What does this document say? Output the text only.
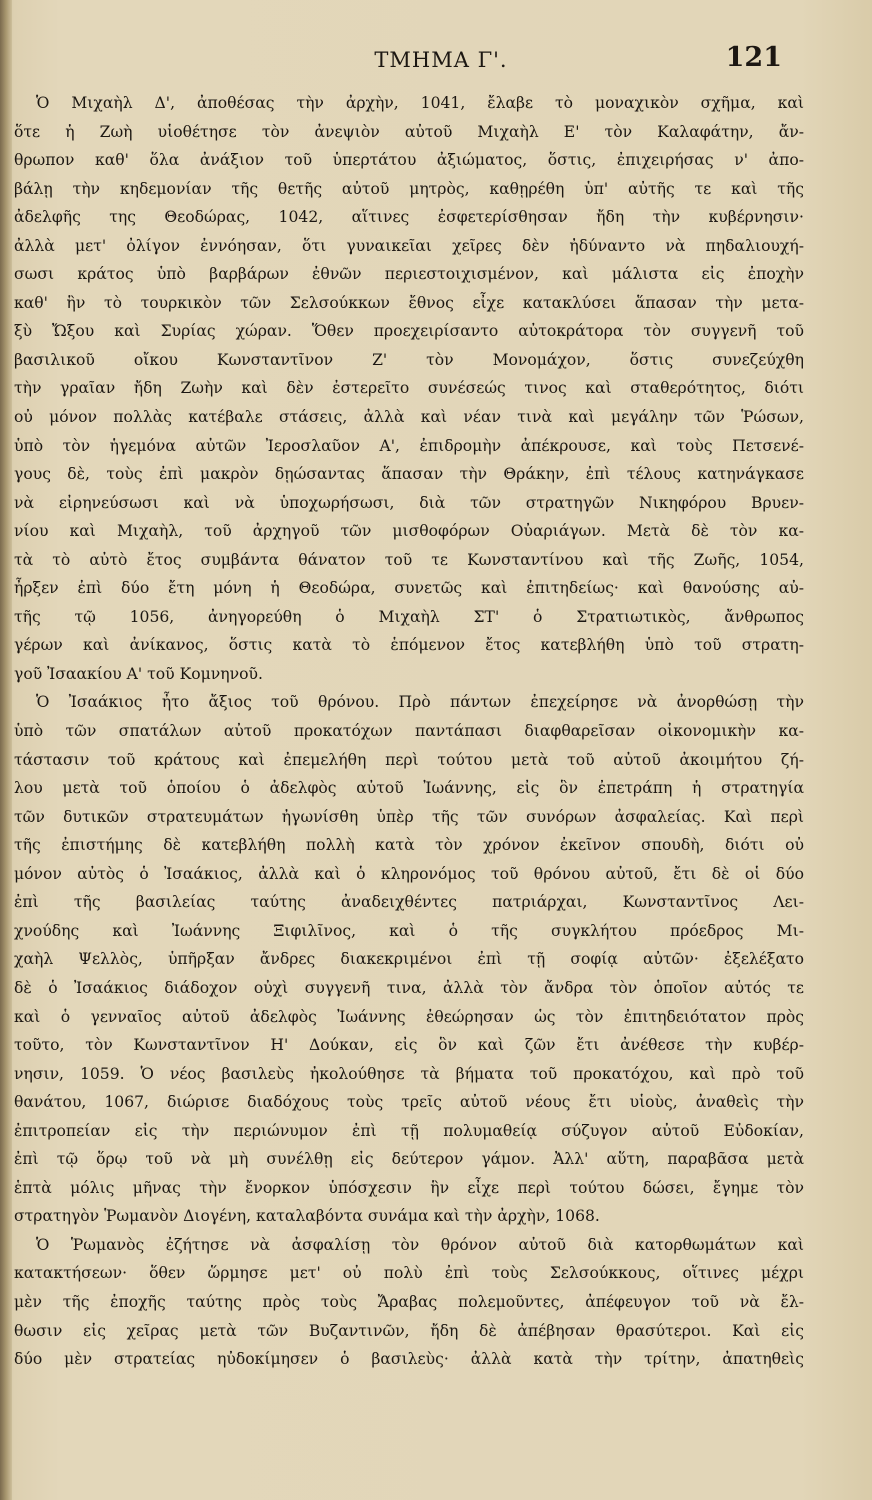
ΤΜΗΜΑ Γ'.	121
Ὁ Μιχαὴλ Δ', ἀποθέσας τὴν ἀρχὴν, 1041, ἔλαβε τὸ μοναχικὸν σχῆμα, καὶ
ὅτε ἡ Ζωὴ υἱοθέτησε τὸν ἀνεψιὸν αὐτοῦ Μιχαὴλ Ε' τὸν Καλαφάτην, ἄν-
θρωπον καθ' ὅλα ἀνάξιον τοῦ ὑπερτάτου ἀξιώματος, ὅστις, ἐπιχειρήσας ν' ἀπο-
βάλῃ τὴν κηδεμονίαν τῆς θετῆς αὐτοῦ μητρὸς, καθῃρέθη ὑπ' αὐτῆς τε καὶ τῆς
ἀδελφῆς της Θεοδώρας, 1042, αἵτινες ἐσφετερίσθησαν ἤδη τὴν κυβέρνησιν·
ἀλλὰ μετ' ὀλίγον ἐννόησαν, ὅτι γυναικεῖαι χεῖρες δὲν ἠδύναντο νὰ πηδαλιουχή-
σωσι κράτος ὑπὸ βαρβάρων ἐθνῶν περιεστοιχισμένον, καὶ μάλιστα εἰς ἐποχὴν
καθ' ἣν τὸ τουρκικὸν τῶν Σελσούκκων ἔθνος εἶχε κατακλύσει ἅπασαν τὴν μετα-
ξὺ Ὤξου καὶ Συρίας χώραν. Ὅθεν προεχειρίσαντο αὐτοκράτορα τὸν συγγενῆ τοῦ
βασιλικοῦ οἴκου Κωνσταντῖνον Ζ' τὸν Μονομάχον, ὅστις συνεζεύχθη
τὴν γραῖαν ἤδη Ζωὴν καὶ δὲν ἐστερεῖτο συνέσεώς τινος καὶ σταθερότητος, διότι
οὐ μόνον πολλὰς κατέβαλε στάσεις, ἀλλὰ καὶ νέαν τινὰ καὶ μεγάλην τῶν Ῥώσων,
ὑπὸ τὸν ἡγεμόνα αὐτῶν Ἰεροσλαῦον Α', ἐπιδρομὴν ἀπέκρουσε, καὶ τοὺς Πετσενέ-
γους δὲ, τοὺς ἐπὶ μακρὸν δῃώσαντας ἅπασαν τὴν Θράκην, ἐπὶ τέλους κατηνάγκασε
νὰ εἰρηνεύσωσι καὶ νὰ ὑποχωρήσωσι, διὰ τῶν στρατηγῶν Νικηφόρου Βρυεν-
νίου καὶ Μιχαὴλ, τοῦ ἀρχηγοῦ τῶν μισθοφόρων Οὐαριάγων. Μετὰ δὲ τὸν κα-
τὰ τὸ αὐτὸ ἔτος συμβάντα θάνατον τοῦ τε Κωνσταντίνου καὶ τῆς Ζωῆς, 1054,
ἦρξεν ἐπὶ δύο ἔτη μόνη ἡ Θεοδώρα, συνετῶς καὶ ἐπιτηδείως· καὶ θανούσης αὐ-
τῆς τῷ 1056, ἀνηγορεύθη ὁ Μιχαὴλ ΣΤ' ὁ Στρατιωτικὸς, ἄνθρωπος
γέρων καὶ ἀνίκανος, ὅστις κατὰ τὸ ἑπόμενον ἔτος κατεβλήθη ὑπὸ τοῦ στρατη-
γοῦ Ἰσαακίου Α' τοῦ Κομνηνοῦ.
Ὁ Ἰσαάκιος ἦτο ἄξιος τοῦ θρόνου. Πρὸ πάντων ἐπεχείρησε νὰ ἀνορθώσῃ τὴν
ὑπὸ τῶν σπατάλων αὐτοῦ προκατόχων παντάπασι διαφθαρεῖσαν οἰκονομικὴν κα-
τάστασιν τοῦ κράτους καὶ ἐπεμελήθη περὶ τούτου μετὰ τοῦ αὐτοῦ ἀκοιμήτου ζή-
λου μετὰ τοῦ ὁποίου ὁ ἀδελφὸς αὐτοῦ Ἰωάννης, εἰς ὃν ἐπετράπη ἡ στρατηγία
τῶν δυτικῶν στρατευμάτων ἠγωνίσθη ὑπὲρ τῆς τῶν συνόρων ἀσφαλείας. Καὶ περὶ
τῆς ἐπιστήμης δὲ κατεβλήθη πολλὴ κατὰ τὸν χρόνον ἐκεῖνον σπουδὴ, διότι οὐ
μόνον αὐτὸς ὁ Ἰσαάκιος, ἀλλὰ καὶ ὁ κληρονόμος τοῦ θρόνου αὐτοῦ, ἔτι δὲ οἱ δύο
ἐπὶ τῆς βασιλείας ταύτης ἀναδειχθέντες πατριάρχαι, Κωνσταντῖνος Λει-
χνούδης καὶ Ἰωάννης Ξιφιλῖνος, καὶ ὁ τῆς συγκλήτου πρόεδρος Μι-
χαὴλ Ψελλὸς, ὑπῆρξαν ἄνδρες διακεκριμένοι ἐπὶ τῇ σοφίᾳ αὐτῶν· ἐξελέξατο
δὲ ὁ Ἰσαάκιος διάδοχον οὐχὶ συγγενῆ τινα, ἀλλὰ τὸν ἄνδρα τὸν ὁποῖον αὐτός τε
καὶ ὁ γενναῖος αὐτοῦ ἀδελφὸς Ἰωάννης ἐθεώρησαν ὡς τὸν ἐπιτηδειότατον πρὸς
τοῦτο, τὸν Κωνσταντῖνον Η' Δούκαν, εἰς ὃν καὶ ζῶν ἔτι ἀνέθεσε τὴν κυβέρ-
νησιν, 1059. Ὁ νέος βασιλεὺς ἠκολούθησε τὰ βήματα τοῦ προκατόχου, καὶ πρὸ τοῦ
θανάτου, 1067, διώρισε διαδόχους τοὺς τρεῖς αὐτοῦ νέους ἔτι υἱοὺς, ἀναθεὶς τὴν
ἐπιτροπείαν εἰς τὴν περιώνυμον ἐπὶ τῇ πολυμαθείᾳ σύζυγον αὐτοῦ Εὐδοκίαν,
ἐπὶ τῷ ὅρῳ τοῦ νὰ μὴ συνέλθῃ εἰς δεύτερον γάμον. Ἀλλ' αὕτη, παραβᾶσα μετὰ
ἑπτὰ μόλις μῆνας τὴν ἔνορκον ὑπόσχεσιν ἣν εἶχε περὶ τούτου δώσει, ἔγημε τὸν
στρατηγὸν Ῥωμανὸν Διογένη, καταλαβόντα συνάμα καὶ τὴν ἀρχὴν, 1068.
Ὁ Ῥωμανὸς ἐζήτησε νὰ ἀσφαλίσῃ τὸν θρόνον αὐτοῦ διὰ κατορθωμάτων καὶ
κατακτήσεων· ὅθεν ὥρμησε μετ' οὐ πολὺ ἐπὶ τοὺς Σελσούκκους, οἵτινες μέχρι
μὲν τῆς ἐποχῆς ταύτης πρὸς τοὺς Ἄραβας πολεμοῦντες, ἀπέφευγον τοῦ νὰ ἔλ-
θωσιν εἰς χεῖρας μετὰ τῶν Βυζαντινῶν, ἤδη δὲ ἀπέβησαν θρασύτεροι. Καὶ εἰς
δύο μὲν στρατείας ηὐδοκίμησεν ὁ βασιλεὺς· ἀλλὰ κατὰ τὴν τρίτην, ἀπατηθεὶς
